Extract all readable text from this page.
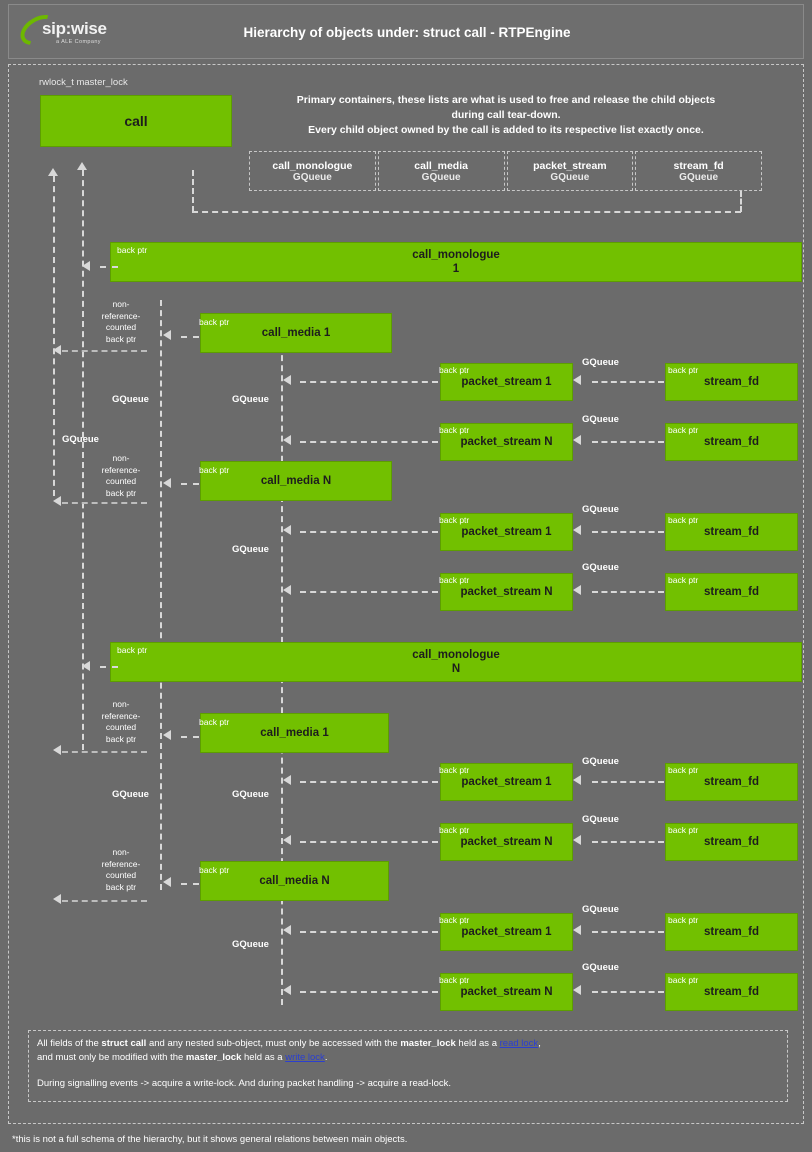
sip:wise
a ALE Company
Hierarchy of objects under: struct call - RTPEngine
rwlock_t master_lock
Primary containers, these lists are what is used to free and release the child objects
during call tear-down.
Every child object owned by the call is added to its respective list exactly once.
call
call_monologue
GQueue
call_media
GQueue
packet_stream
GQueue
stream_fd
GQueue
GQueue
GQueue
GQueue
GQueue
GQueue
GQueue
GQueue
call_monologue
1
back ptr
call_media 1
back ptr
non-
reference-
counted
back ptr
packet_stream 1
back ptr
stream_fd
back ptr
GQueue
packet_stream N
back ptr
stream_fd
back ptr
GQueue
call_media N
back ptr
non-
reference-
counted
back ptr
packet_stream 1
back ptr
stream_fd
back ptr
GQueue
packet_stream N
back ptr
stream_fd
back ptr
GQueue
call_monologue
N
back ptr
call_media 1
back ptr
non-
reference-
counted
back ptr
packet_stream 1
back ptr
stream_fd
back ptr
GQueue
packet_stream N
back ptr
stream_fd
back ptr
GQueue
call_media N
back ptr
non-
reference-
counted
back ptr
packet_stream 1
back ptr
stream_fd
back ptr
GQueue
packet_stream N
back ptr
stream_fd
back ptr
GQueue
All fields of the struct call and any nested sub-object, must only be accessed with the master_lock held as a read lock,
and must only be modified with the master_lock held as a write lock.
During signalling events -> acquire a write-lock. And during packet handling -> acquire a read-lock.
*this is not a full schema of the hierarchy, but it shows general relations between main objects.
